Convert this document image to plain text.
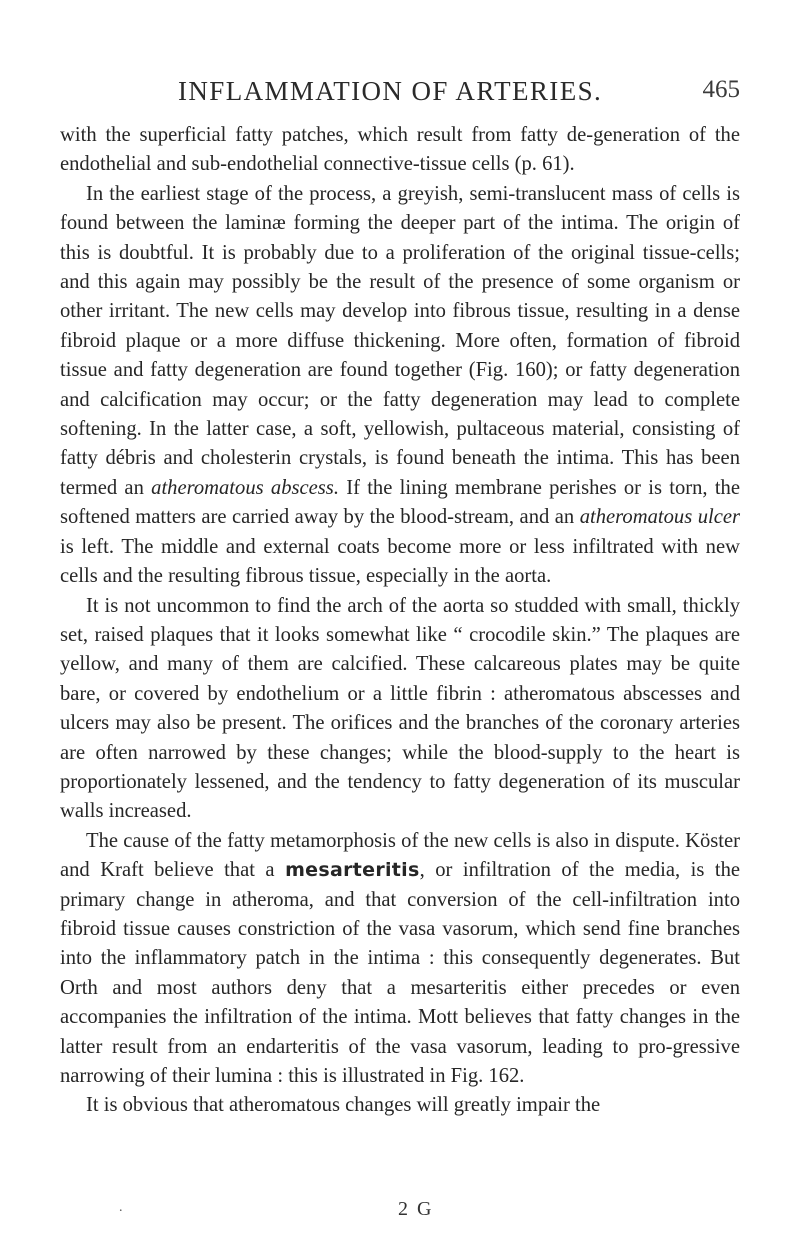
INFLAMMATION OF ARTERIES.	465

with the superficial fatty patches, which result from fatty de-generation of the endothelial and sub-endothelial connective-tissue cells (p. 61).

In the earliest stage of the process, a greyish, semi-translucent mass of cells is found between the laminæ forming the deeper part of the intima. The origin of this is doubtful. It is probably due to a proliferation of the original tissue-cells; and this again may possibly be the result of the presence of some organism or other irritant. The new cells may develop into fibrous tissue, resulting in a dense fibroid plaque or a more diffuse thickening. More often, formation of fibroid tissue and fatty degeneration are found together (Fig. 160); or fatty degeneration and calcification may occur; or the fatty degeneration may lead to complete softening. In the latter case, a soft, yellowish, pultaceous material, consisting of fatty débris and cholesterin crystals, is found beneath the intima. This has been termed an atheromatous abscess. If the lining membrane perishes or is torn, the softened matters are carried away by the blood-stream, and an atheromatous ulcer is left. The middle and external coats become more or less infiltrated with new cells and the resulting fibrous tissue, especially in the aorta.

It is not uncommon to find the arch of the aorta so studded with small, thickly set, raised plaques that it looks somewhat like “ crocodile skin.” The plaques are yellow, and many of them are calcified. These calcareous plates may be quite bare, or covered by endothelium or a little fibrin : atheromatous abscesses and ulcers may also be present. The orifices and the branches of the coronary arteries are often narrowed by these changes; while the blood-supply to the heart is proportionately lessened, and the tendency to fatty degeneration of its muscular walls increased.

The cause of the fatty metamorphosis of the new cells is also in dispute. Köster and Kraft believe that a mesarteritis, or infiltration of the media, is the primary change in atheroma, and that conversion of the cell-infiltration into fibroid tissue causes constriction of the vasa vasorum, which send fine branches into the inflammatory patch in the intima : this consequently degenerates. But Orth and most authors deny that a mesarteritis either precedes or even accompanies the infiltration of the intima. Mott believes that fatty changes in the latter result from an endarteritis of the vasa vasorum, leading to pro-gressive narrowing of their lumina : this is illustrated in Fig. 162.

It is obvious that atheromatous changes will greatly impair the

.	2 G
